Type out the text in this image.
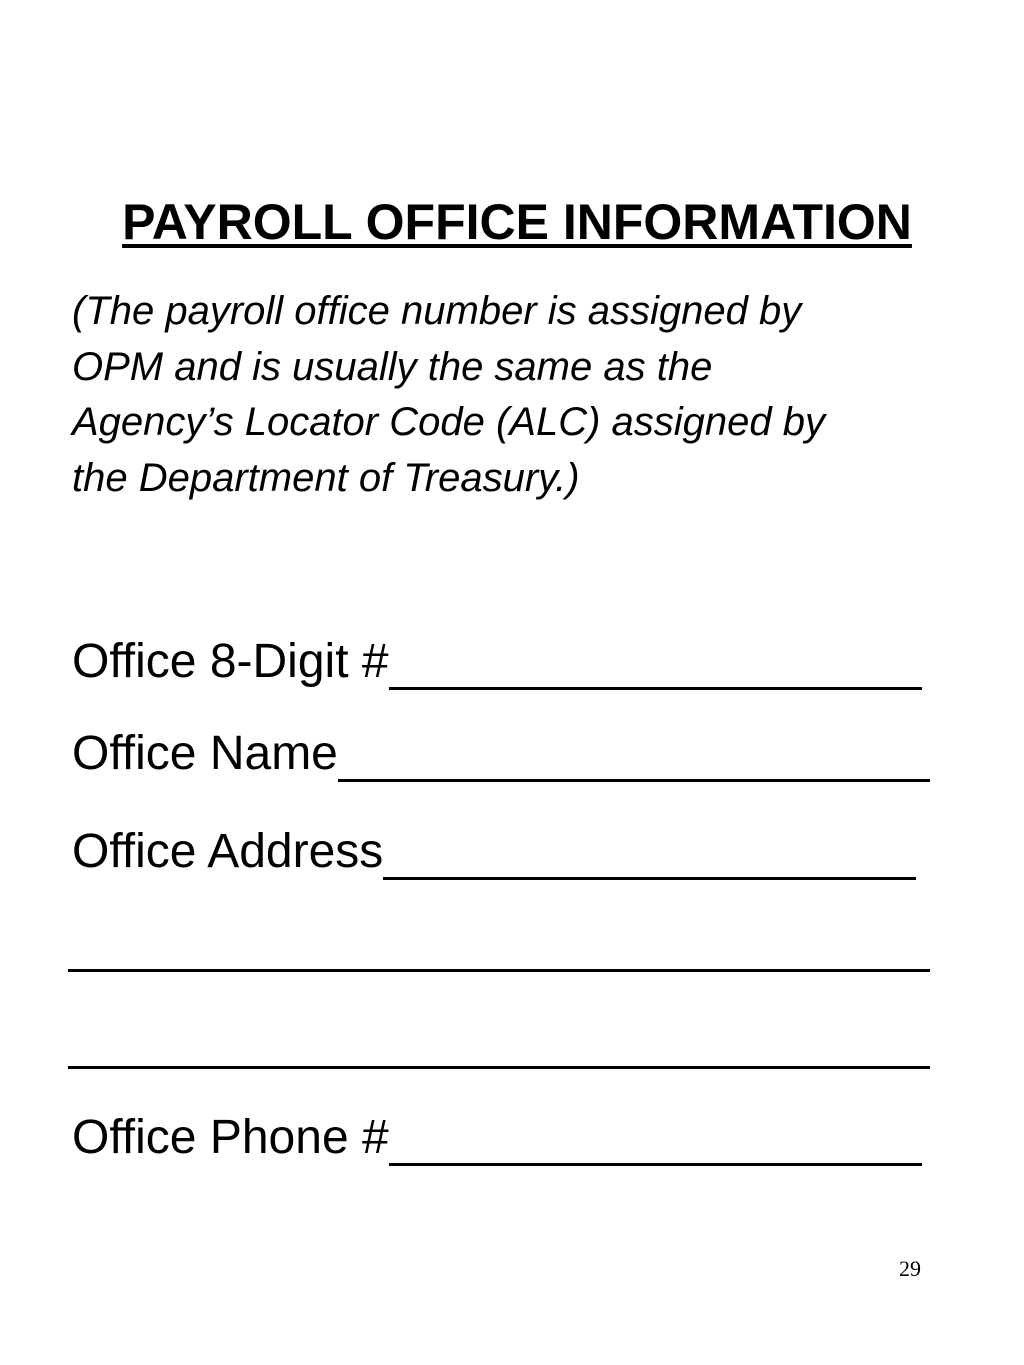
PAYROLL OFFICE INFORMATION

(The payroll office number is assigned by
OPM and is usually the same as the
Agency’s Locator Code (ALC) assigned by
the Department of Treasury.)

Office 8-Digit #
Office Name
Office Address
Office Phone #
29
